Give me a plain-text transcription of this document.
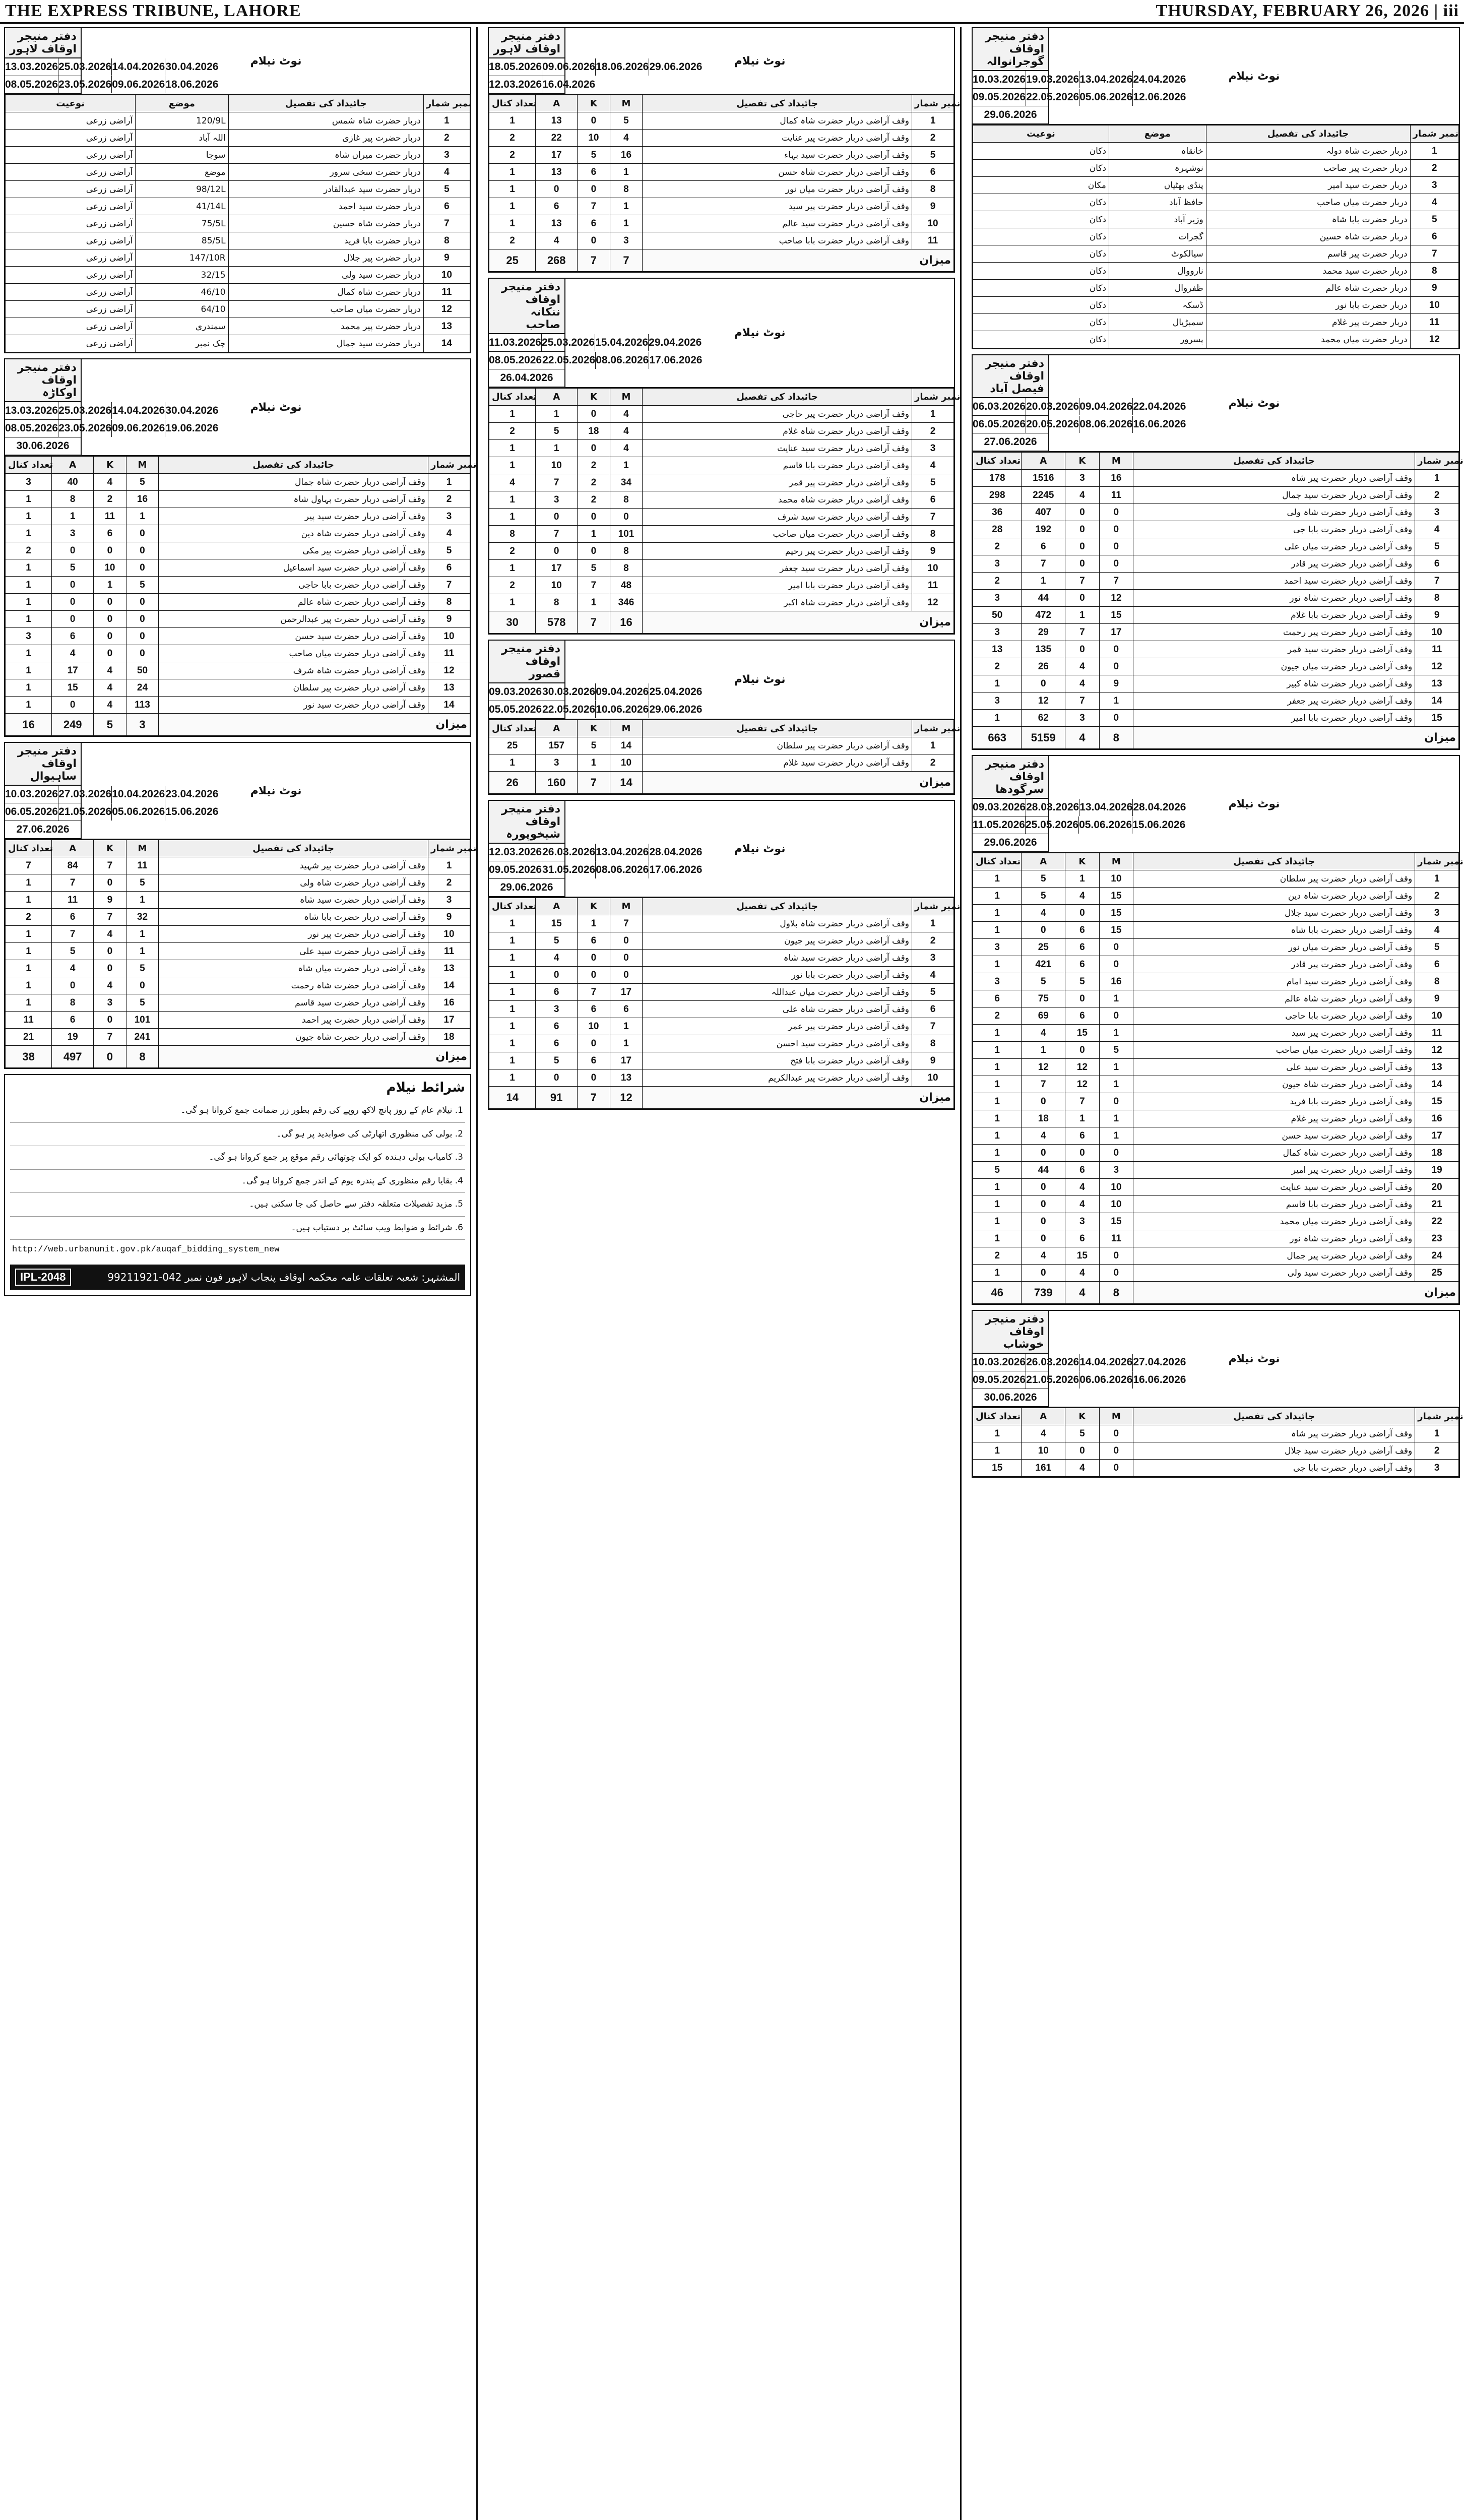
THE EXPRESS TRIBUNE, LAHORE	THURSDAY, FEBRUARY 26, 2026 | iii
دفتر منیجر اوقاف لاہور
13.03.2026 25.03.2026 14.04.2026 30.04.2026
08.05.2026 23.05.2026 09.06.2026 18.06.2026
نوٹ نیلام
نوعیت	موضع	جائیداد کی تفصیل	نمبر شمار
آراضی زرعی	120/9L	دربار حضرت شاہ شمس	1
آراضی زرعی	اللہ آباد	دربار حضرت پیر غازی	2
آراضی زرعی	سوجا	دربار حضرت میراں شاہ	3
آراضی زرعی	موضع	دربار حضرت سخی سرور	4
آراضی زرعی	98/12L	دربار حضرت سید عبدالقادر	5
آراضی زرعی	41/14L	دربار حضرت سید احمد	6
آراضی زرعی	75/5L	دربار حضرت شاہ حسین	7
آراضی زرعی	85/5L	دربار حضرت بابا فرید	8
آراضی زرعی	147/10R	دربار حضرت پیر جلال	9
آراضی زرعی	32/15	دربار حضرت سید ولی	10
آراضی زرعی	46/10	دربار حضرت شاہ کمال	11
آراضی زرعی	64/10	دربار حضرت میاں صاحب	12
آراضی زرعی	سمندری	دربار حضرت پیر محمد	13
آراضی زرعی	چک نمبر	دربار حضرت سید جمال	14
دفتر منیجر اوقاف اوکاڑہ
13.03.2026 25.03.2026 14.04.2026 30.04.2026
08.05.2026 23.05.2026 09.06.2026 19.06.2026
30.06.2026
نوٹ نیلام
تعداد کنال	A	K	M	جائیداد کی تفصیل	نمبر شمار
3	40	4	5	وقف آراضی دربار حضرت شاہ جمال	1
1	8	2	16	وقف آراضی دربار حضرت بہاول شاہ	2
1	1	11	1	وقف آراضی دربار حضرت سید پیر	3
1	3	6	0	وقف آراضی دربار حضرت شاہ دین	4
2	0	0	0	وقف آراضی دربار حضرت پیر مکی	5
1	5	10	0	وقف آراضی دربار حضرت سید اسماعیل	6
1	0	1	5	وقف آراضی دربار حضرت بابا حاجی	7
1	0	0	0	وقف آراضی دربار حضرت شاہ عالم	8
1	0	0	0	وقف آراضی دربار حضرت پیر عبدالرحمن	9
3	6	0	0	وقف آراضی دربار حضرت سید حسن	10
1	4	0	0	وقف آراضی دربار حضرت میاں صاحب	11
1	17	4	50	وقف آراضی دربار حضرت شاہ شرف	12
1	15	4	24	وقف آراضی دربار حضرت پیر سلطان	13
1	0	4	113	وقف آراضی دربار حضرت سید نور	14
16	249	5	3	میزان	
دفتر منیجر اوقاف ساہیوال
10.03.2026 27.03.2026 10.04.2026 23.04.2026
06.05.2026 21.05.2026 05.06.2026 15.06.2026
27.06.2026
نوٹ نیلام
تعداد کنال	A	K	M	جائیداد کی تفصیل	نمبر شمار
7	84	7	11	وقف آراضی دربار حضرت پیر شہید	1
1	7	0	5	وقف آراضی دربار حضرت شاہ ولی	2
1	11	9	1	وقف آراضی دربار حضرت سید شاہ	3
2	6	7	32	وقف آراضی دربار حضرت بابا شاہ	9
1	7	4	1	وقف آراضی دربار حضرت پیر نور	10
1	5	0	1	وقف آراضی دربار حضرت سید علی	11
1	4	0	5	وقف آراضی دربار حضرت میاں شاہ	13
1	0	4	0	وقف آراضی دربار حضرت شاہ رحمت	14
1	8	3	5	وقف آراضی دربار حضرت سید قاسم	16
11	6	0	101	وقف آراضی دربار حضرت پیر احمد	17
21	19	7	241	وقف آراضی دربار حضرت شاہ جیون	18
38	497	0	8	میزان	
شرائط نیلام
1. نیلام عام کے روز پانچ لاکھ روپے کی رقم بطور زر ضمانت جمع کروانا ہو گی۔
2. بولی کی منظوری اتھارٹی کی صوابدید پر ہو گی۔
3. کامیاب بولی دہندہ کو ایک چوتھائی رقم موقع پر جمع کروانا ہو گی۔
4. بقایا رقم منظوری کے پندرہ یوم کے اندر جمع کروانا ہو گی۔
5. مزید تفصیلات متعلقہ دفتر سے حاصل کی جا سکتی ہیں۔
6. شرائط و ضوابط ویب سائٹ پر دستیاب ہیں۔
http://web.urbanunit.gov.pk/auqaf_bidding_system_new
IPL-2048	المشتہر: شعبہ تعلقات عامہ محکمہ اوقاف پنجاب لاہور فون نمبر 042-99211921
دفتر منیجر اوقاف لاہور
18.05.2026 09.06.2026 18.06.2026 29.06.2026
12.03.2026 16.04.2026
نوٹ نیلام
تعداد کنال	A	K	M	جائیداد کی تفصیل	نمبر شمار
1	13	0	5	وقف آراضی دربار حضرت شاہ کمال	1
2	22	10	4	وقف آراضی دربار حضرت پیر عنایت	2
2	17	5	16	وقف آراضی دربار حضرت سید بہاء	5
1	13	6	1	وقف آراضی دربار حضرت شاہ حسن	6
1	0	0	8	وقف آراضی دربار حضرت میاں نور	8
1	6	7	1	وقف آراضی دربار حضرت پیر سید	9
1	13	6	1	وقف آراضی دربار حضرت سید عالم	10
2	4	0	3	وقف آراضی دربار حضرت بابا صاحب	11
25	268	7	7	میزان	
دفتر منیجر اوقاف ننکانہ صاحب
11.03.2026 25.03.2026 15.04.2026 29.04.2026
08.05.2026 22.05.2026 08.06.2026 17.06.2026
26.04.2026
نوٹ نیلام
تعداد کنال	A	K	M	جائیداد کی تفصیل	نمبر شمار
1	1	0	4	وقف آراضی دربار حضرت پیر حاجی	1
2	5	18	4	وقف آراضی دربار حضرت شاہ غلام	2
1	1	0	4	وقف آراضی دربار حضرت سید عنایت	3
1	10	2	1	وقف آراضی دربار حضرت بابا قاسم	4
4	7	2	34	وقف آراضی دربار حضرت پیر قمر	5
1	3	2	8	وقف آراضی دربار حضرت شاہ محمد	6
1	0	0	0	وقف آراضی دربار حضرت سید شرف	7
8	7	1	101	وقف آراضی دربار حضرت میاں صاحب	8
2	0	0	8	وقف آراضی دربار حضرت پیر رحیم	9
1	17	5	8	وقف آراضی دربار حضرت سید جعفر	10
2	10	7	48	وقف آراضی دربار حضرت بابا امیر	11
1	8	1	346	وقف آراضی دربار حضرت شاہ اکبر	12
30	578	7	16	میزان	
دفتر منیجر اوقاف قصور
09.03.2026 30.03.2026 09.04.2026 25.04.2026
05.05.2026 22.05.2026 10.06.2026 29.06.2026
نوٹ نیلام
تعداد کنال	A	K	M	جائیداد کی تفصیل	نمبر شمار
25	157	5	14	وقف آراضی دربار حضرت پیر سلطان	1
1	3	1	10	وقف آراضی دربار حضرت سید غلام	2
26	160	7	14	میزان	
دفتر منیجر اوقاف شیخوپورہ
12.03.2026 26.03.2026 13.04.2026 28.04.2026
09.05.2026 31.05.2026 08.06.2026 17.06.2026
29.06.2026
نوٹ نیلام
تعداد کنال	A	K	M	جائیداد کی تفصیل	نمبر شمار
1	15	1	7	وقف آراضی دربار حضرت شاہ بلاول	1
1	5	6	0	وقف آراضی دربار حضرت پیر جیون	2
1	4	0	0	وقف آراضی دربار حضرت سید شاہ	3
1	0	0	0	وقف آراضی دربار حضرت بابا نور	4
1	6	7	17	وقف آراضی دربار حضرت میاں عبداللہ	5
1	3	6	6	وقف آراضی دربار حضرت شاہ علی	6
1	6	10	1	وقف آراضی دربار حضرت پیر عمر	7
1	6	0	1	وقف آراضی دربار حضرت سید احسن	8
1	5	6	17	وقف آراضی دربار حضرت بابا فتح	9
1	0	0	13	وقف آراضی دربار حضرت پیر عبدالکریم	10
14	91	7	12	میزان	
دفتر منیجر اوقاف گوجرانوالہ
10.03.2026 19.03.2026 13.04.2026 24.04.2026
09.05.2026 22.05.2026 05.06.2026 12.06.2026
29.06.2026
نوٹ نیلام
نوعیت	موضع	جائیداد کی تفصیل	نمبر شمار
دکان	خانقاہ	دربار حضرت شاہ دولہ	1
دکان	نوشہرہ	دربار حضرت پیر صاحب	2
مکان	پنڈی بھٹیاں	دربار حضرت سید امیر	3
دکان	حافظ آباد	دربار حضرت میاں صاحب	4
دکان	وزیر آباد	دربار حضرت بابا شاہ	5
دکان	گجرات	دربار حضرت شاہ حسین	6
دکان	سیالکوٹ	دربار حضرت پیر قاسم	7
دکان	نارووال	دربار حضرت سید محمد	8
دکان	ظفروال	دربار حضرت شاہ عالم	9
دکان	ڈسکہ	دربار حضرت بابا نور	10
دکان	سمبڑیال	دربار حضرت پیر غلام	11
دکان	پسرور	دربار حضرت میاں محمد	12
دفتر منیجر اوقاف فیصل آباد
06.03.2026 20.03.2026 09.04.2026 22.04.2026
06.05.2026 20.05.2026 08.06.2026 16.06.2026
27.06.2026
نوٹ نیلام
تعداد کنال	A	K	M	جائیداد کی تفصیل	نمبر شمار
178	1516	3	16	وقف آراضی دربار حضرت پیر شاہ	1
298	2245	4	11	وقف آراضی دربار حضرت سید جمال	2
36	407	0	0	وقف آراضی دربار حضرت شاہ ولی	3
28	192	0	0	وقف آراضی دربار حضرت بابا جی	4
2	6	0	0	وقف آراضی دربار حضرت میاں علی	5
3	7	0	0	وقف آراضی دربار حضرت پیر قادر	6
2	1	7	7	وقف آراضی دربار حضرت سید احمد	7
3	44	0	12	وقف آراضی دربار حضرت شاہ نور	8
50	472	1	15	وقف آراضی دربار حضرت بابا غلام	9
3	29	7	17	وقف آراضی دربار حضرت پیر رحمت	10
13	135	0	0	وقف آراضی دربار حضرت سید قمر	11
2	26	4	0	وقف آراضی دربار حضرت میاں جیون	12
1	0	4	9	وقف آراضی دربار حضرت شاہ کبیر	13
3	12	7	1	وقف آراضی دربار حضرت پیر جعفر	14
1	62	3	0	وقف آراضی دربار حضرت بابا امیر	15
663	5159	4	8	میزان	
دفتر منیجر اوقاف سرگودھا
09.03.2026 28.03.2026 13.04.2026 28.04.2026
11.05.2026 25.05.2026 05.06.2026 15.06.2026
29.06.2026
نوٹ نیلام
تعداد کنال	A	K	M	جائیداد کی تفصیل	نمبر شمار
1	5	1	10	وقف آراضی دربار حضرت پیر سلطان	1
1	5	4	15	وقف آراضی دربار حضرت شاہ دین	2
1	4	0	15	وقف آراضی دربار حضرت سید جلال	3
1	0	6	15	وقف آراضی دربار حضرت بابا شاہ	4
3	25	6	0	وقف آراضی دربار حضرت میاں نور	5
1	421	6	0	وقف آراضی دربار حضرت پیر قادر	6
3	5	5	16	وقف آراضی دربار حضرت سید امام	8
6	75	0	1	وقف آراضی دربار حضرت شاہ عالم	9
2	69	6	0	وقف آراضی دربار حضرت بابا حاجی	10
1	4	15	1	وقف آراضی دربار حضرت پیر سید	11
1	1	0	5	وقف آراضی دربار حضرت میاں صاحب	12
1	12	12	1	وقف آراضی دربار حضرت سید علی	13
1	7	12	1	وقف آراضی دربار حضرت شاہ جیون	14
1	0	7	0	وقف آراضی دربار حضرت بابا فرید	15
1	18	1	1	وقف آراضی دربار حضرت پیر غلام	16
1	4	6	1	وقف آراضی دربار حضرت سید حسن	17
1	0	0	0	وقف آراضی دربار حضرت شاہ کمال	18
5	44	6	3	وقف آراضی دربار حضرت پیر امیر	19
1	0	4	10	وقف آراضی دربار حضرت سید عنایت	20
1	0	4	10	وقف آراضی دربار حضرت بابا قاسم	21
1	0	3	15	وقف آراضی دربار حضرت میاں محمد	22
1	0	6	11	وقف آراضی دربار حضرت شاہ نور	23
2	4	15	0	وقف آراضی دربار حضرت پیر جمال	24
1	0	4	0	وقف آراضی دربار حضرت سید ولی	25
46	739	4	8	میزان	
دفتر منیجر اوقاف خوشاب
10.03.2026 26.03.2026 14.04.2026 27.04.2026
09.05.2026 21.05.2026 06.06.2026 16.06.2026
30.06.2026
نوٹ نیلام
تعداد کنال	A	K	M	جائیداد کی تفصیل	نمبر شمار
1	4	5	0	وقف آراضی دربار حضرت پیر شاہ	1
1	10	0	0	وقف آراضی دربار حضرت سید جلال	2
15	161	4	0	وقف آراضی دربار حضرت بابا جی	3
